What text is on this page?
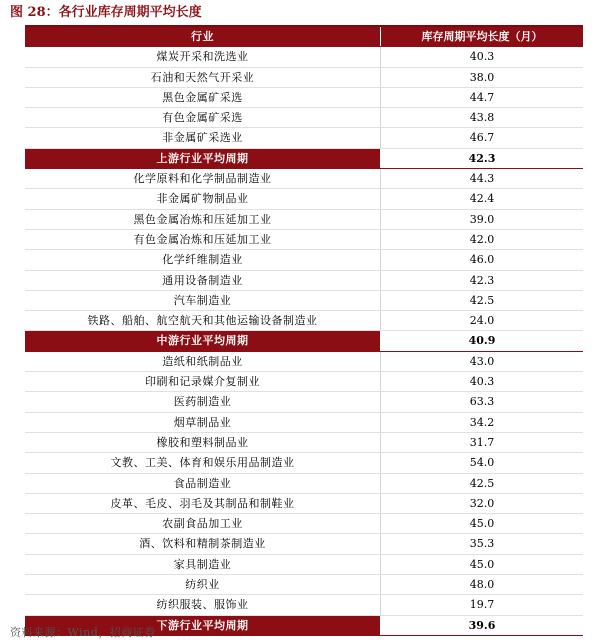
图 28：各行业库存周期平均长度
行业	库存周期平均长度（月）
煤炭开采和洗选业	40.3
石油和天然气开采业	38.0
黑色金属矿采选	44.7
有色金属矿采选	43.8
非金属矿采选业	46.7
上游行业平均周期	42.3
化学原料和化学制品制造业	44.3
非金属矿物制品业	42.4
黑色金属冶炼和压延加工业	39.0
有色金属冶炼和压延加工业	42.0
化学纤维制造业	46.0
通用设备制造业	42.3
汽车制造业	42.5
铁路、船舶、航空航天和其他运输设备制造业	24.0
中游行业平均周期	40.9
造纸和纸制品业	43.0
印刷和记录媒介复制业	40.3
医药制造业	63.3
烟草制品业	34.2
橡胶和塑料制品业	31.7
文教、工美、体育和娱乐用品制造业	54.0
食品制造业	42.5
皮革、毛皮、羽毛及其制品和制鞋业	32.0
农副食品加工业	45.0
酒、饮料和精制茶制造业	35.3
家具制造业	45.0
纺织业	48.0
纺织服装、服饰业	19.7
下游行业平均周期	39.6
资料来源：Wind，招商证券
